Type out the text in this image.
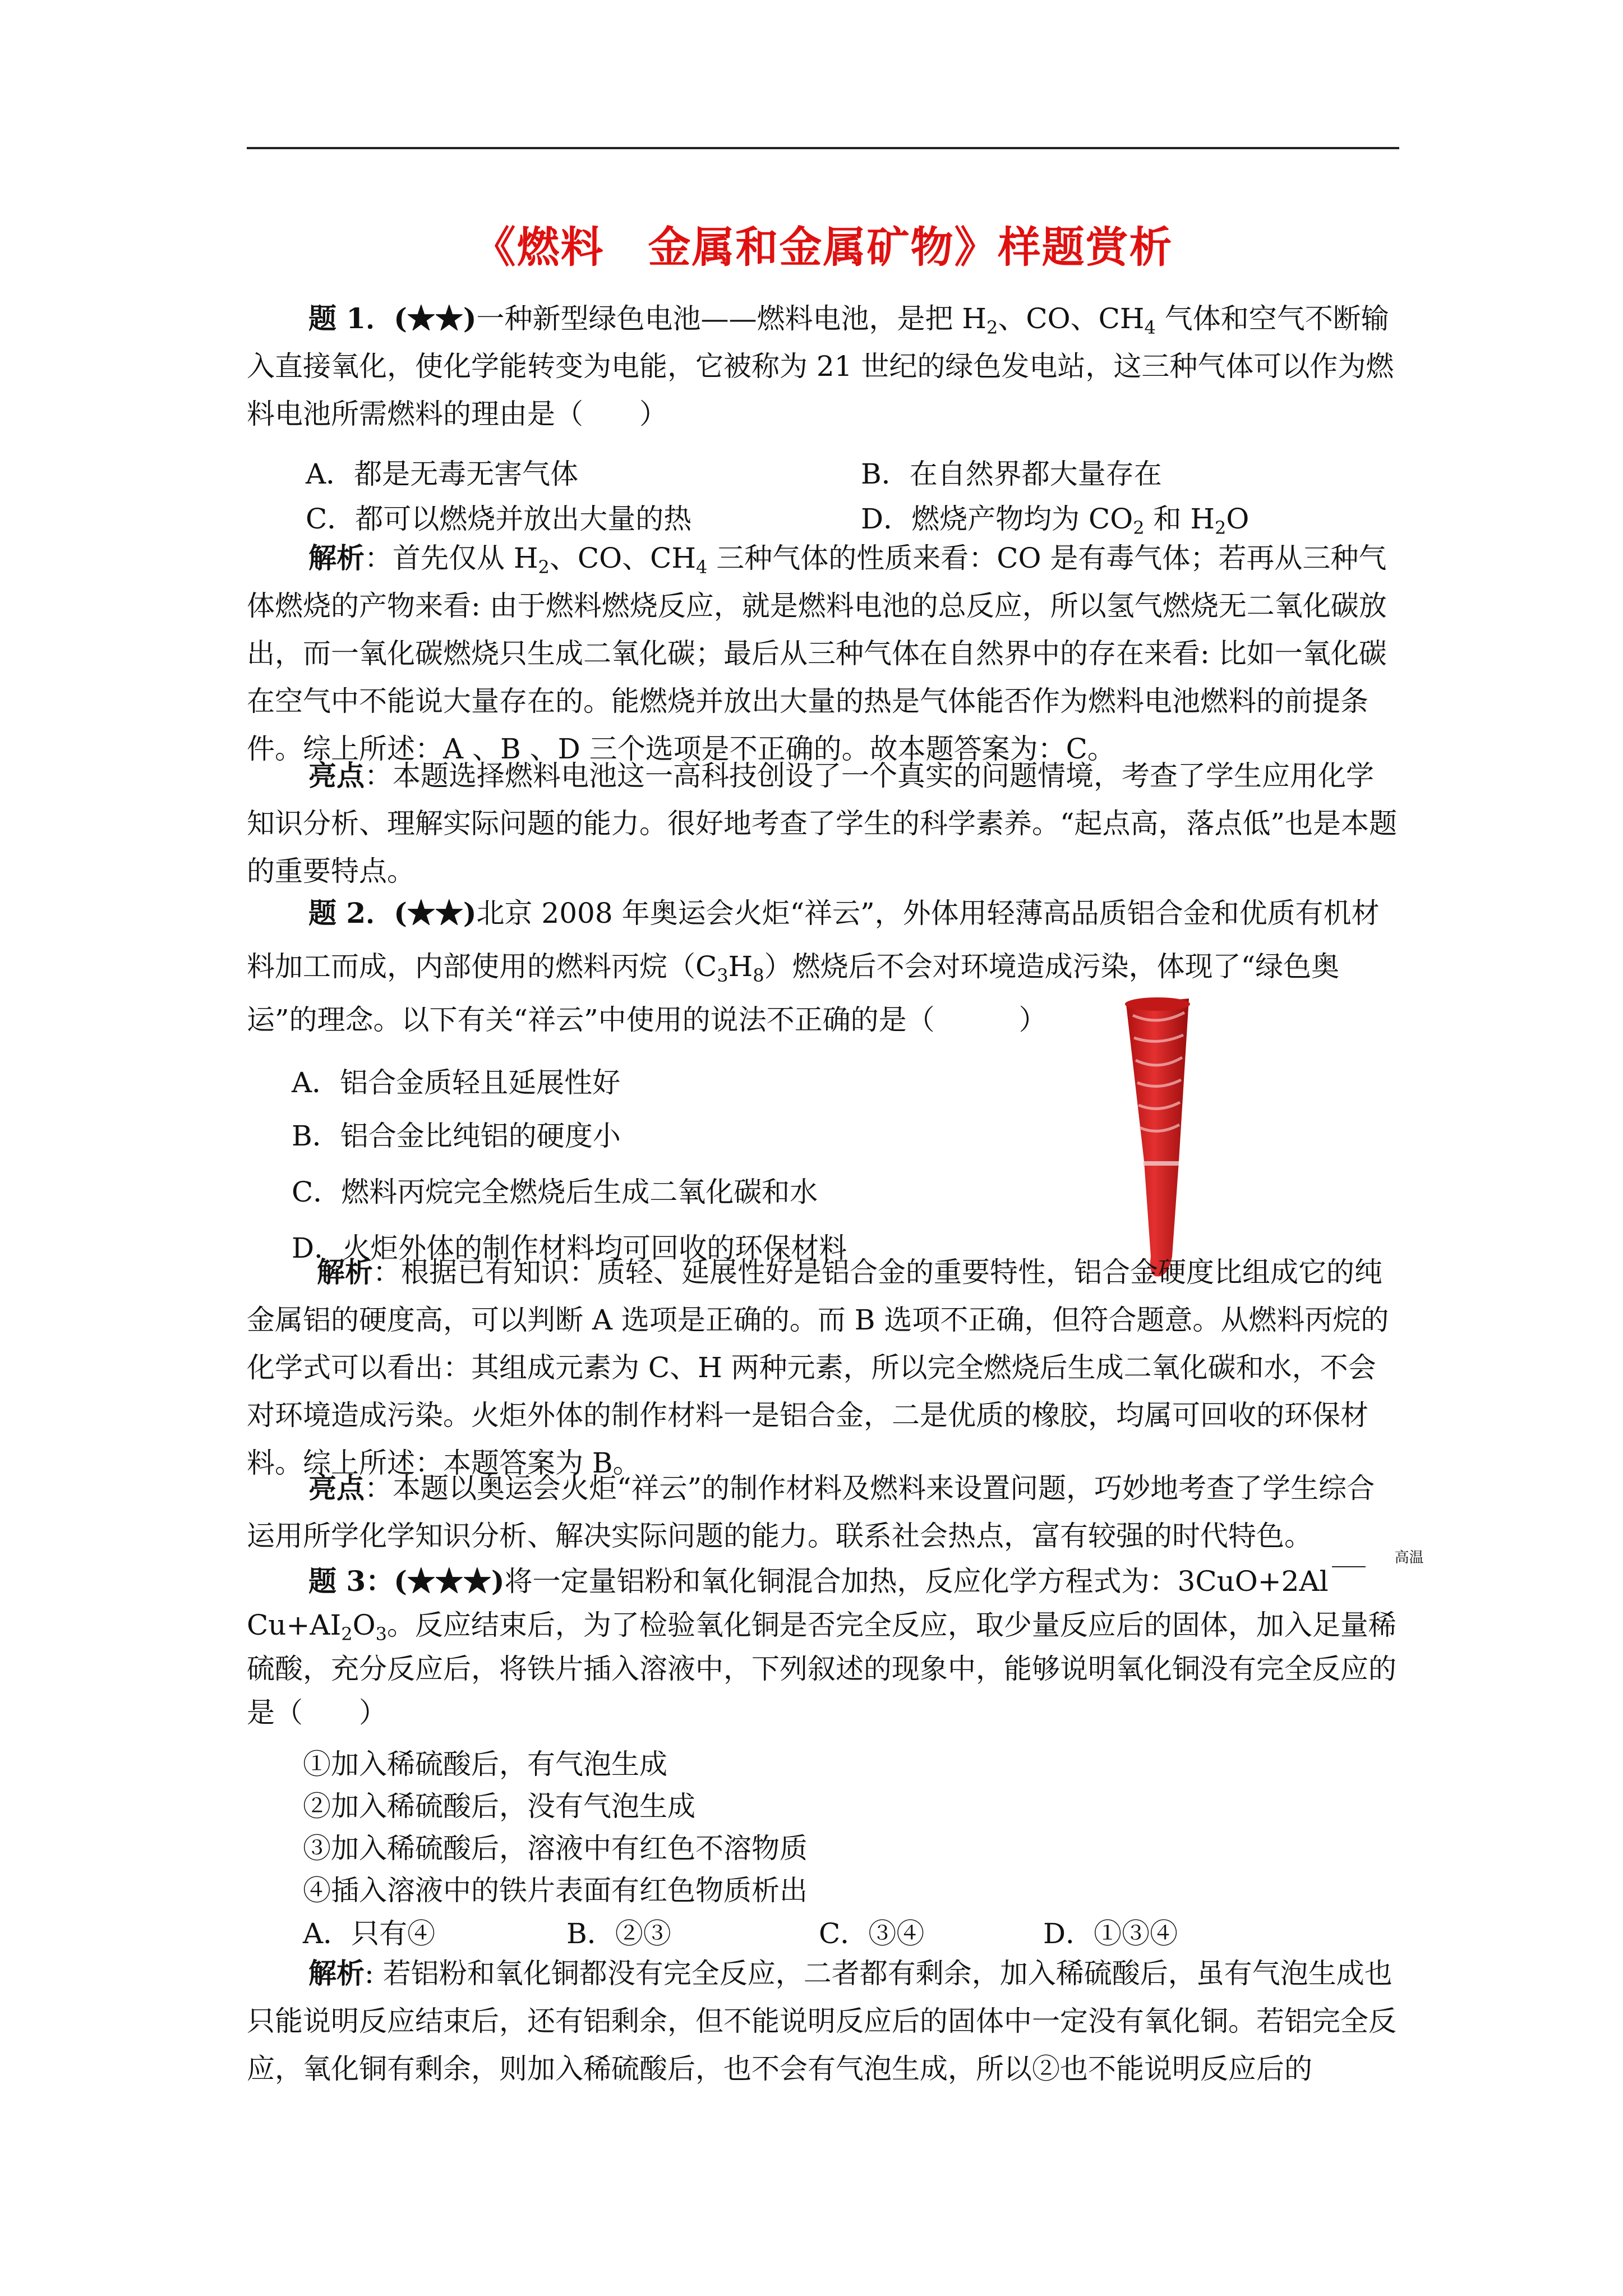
《燃料　 金属和金属矿物》样题赏析
题 1．(★★)一种新型绿色电池——燃料电池，是把 $H_2$、CO、$CH_4$ 气体和空气不断输入直接氧化，使化学能转变为电能，它被称为 21 世纪的绿色发电站，这三种气体可以作为燃料电池所需燃料的理由是（　　）
A．都是无毒无害气体	B．在自然界都大量存在
C．都可以燃烧并放出大量的热	D．燃烧产物均为 $CO_2$ 和 $H_2O$
解析：首先仅从 $H_2$、CO、$CH_4$ 三种气体的性质来看：CO 是有毒气体；若再从三种气体燃烧的产物来看: 由于燃料燃烧反应，就是燃料电池的总反应，所以氢气燃烧无二氧化碳放出，而一氧化碳燃烧只生成二氧化碳；最后从三种气体在自然界中的存在来看: 比如一氧化碳在空气中不能说大量存在的。能燃烧并放出大量的热是气体能否作为燃料电池燃料的前提条件。综上所述：A 、B 、D 三个选项是不正确的。故本题答案为：C。
亮点：本题选择燃料电池这一高科技创设了一个真实的问题情境，考查了学生应用化学知识分析、理解实际问题的能力。很好地考查了学生的科学素养。“起点高，落点低”也是本题的重要特点。
题 2．(★★)北京 2008 年奥运会火炬“祥云”，外体用轻薄高品质铝合金和优质有机材料加工而成，内部使用的燃料丙烷$(C_3H_8)$燃烧后不会对环境造成污染，体现了“绿色奥运”的理念。以下有关“祥云”中使用的说法不正确的是（　　　）
A．铝合金质轻且延展性好
B．铝合金比纯铝的硬度小
C．燃料丙烷完全燃烧后生成二氧化碳和水
D．火炬外体的制作材料均可回收的环保材料
解析：根据已有知识：质轻、延展性好是铝合金的重要特性，铝合金硬度比组成它的纯金属铝的硬度高，可以判断 A 选项是正确的。而 B 选项不正确，但符合题意。从燃料丙烷的化学式可以看出：其组成元素为 C、H 两种元素，所以完全燃烧后生成二氧化碳和水，不会对环境造成污染。火炬外体的制作材料一是铝合金，二是优质的橡胶，均属可回收的环保材料。综上所述：本题答案为 B。
亮点：本题以奥运会火炬“祥云”的制作材料及燃料来设置问题，巧妙地考查了学生综合运用所学化学知识分析、解决实际问题的能力。联系社会热点，富有较强的时代特色。
题 3：(★★★)将一定量铝粉和氧化铜混合加热，反应化学方程式为：3CuO+2Al
高温
$Cu+AI_2O_3$。反应结束后，为了检验氧化铜是否完全反应，取少量反应后的固体，加入足量稀硫酸，充分反应后，将铁片插入溶液中，下列叙述的现象中，能够说明氧化铜没有完全反应的是（　　）
①加入稀硫酸后，有气泡生成
②加入稀硫酸后，没有气泡生成
③加入稀硫酸后，溶液中有红色不溶物质
④插入溶液中的铁片表面有红色物质析出
A．只有④	B．②③	C．③④	D．①③④
解析: 若铝粉和氧化铜都没有完全反应，二者都有剩余，加入稀硫酸后，虽有气泡生成也只能说明反应结束后，还有铝剩余，但不能说明反应后的固体中一定没有氧化铜。若铝完全反应，氧化铜有剩余，则加入稀硫酸后，也不会有气泡生成，所以②也不能说明反应后的
